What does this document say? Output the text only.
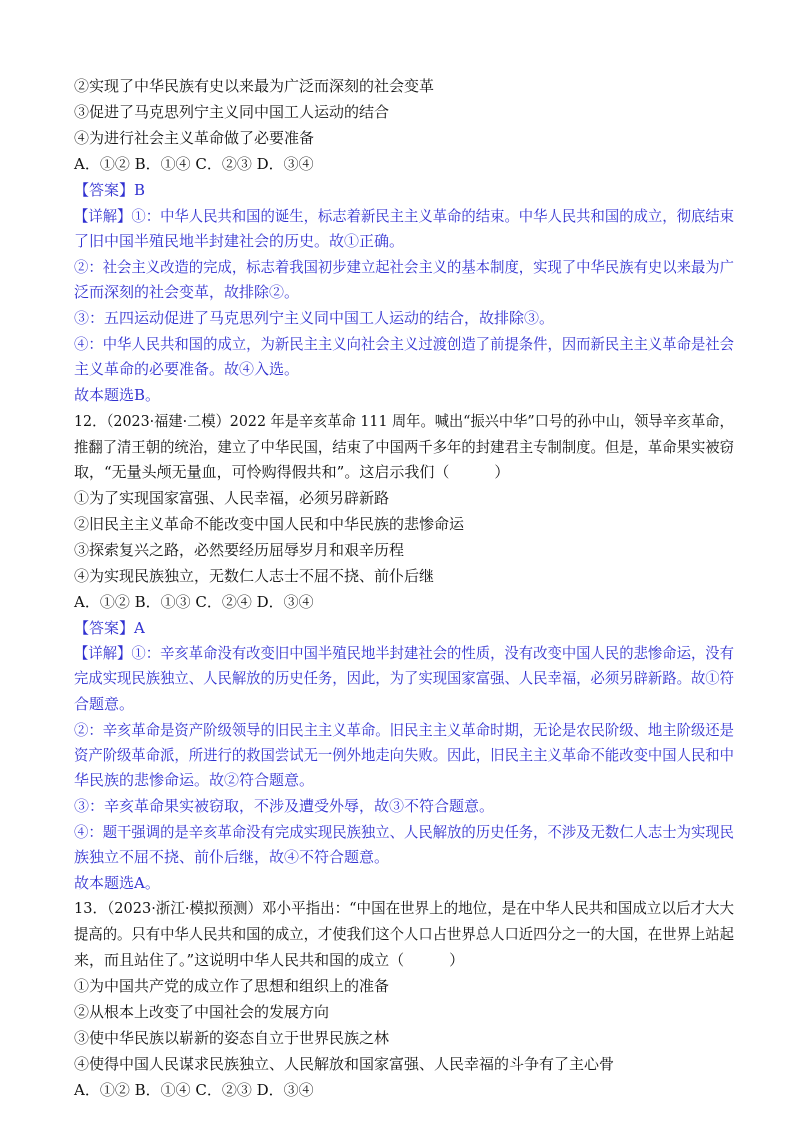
②实现了中华民族有史以来最为广泛而深刻的社会变革
③促进了马克思列宁主义同中国工人运动的结合
④为进行社会主义革命做了必要准备
A．①② B．①④ C．②③ D．③④
【答案】B
【详解】①：中华人民共和国的诞生，标志着新民主主义革命的结束。中华人民共和国的成立，彻底结束
了旧中国半殖民地半封建社会的历史。故①正确。
②：社会主义改造的完成，标志着我国初步建立起社会主义的基本制度，实现了中华民族有史以来最为广
泛而深刻的社会变革，故排除②。
③：五四运动促进了马克思列宁主义同中国工人运动的结合，故排除③。
④：中华人民共和国的成立，为新民主主义向社会主义过渡创造了前提条件，因而新民主主义革命是社会
主义革命的必要准备。故④入选。
故本题选B。
12．（2023·福建·二模）2022 年是辛亥革命 111 周年。喊出“振兴中华”口号的孙中山，领导辛亥革命，
推翻了清王朝的统治，建立了中华民国，结束了中国两千多年的封建君主专制制度。但是，革命果实被窃
取，“无量头颅无量血，可怜购得假共和”。这启示我们（　　　）
①为了实现国家富强、人民幸福，必须另辟新路
②旧民主主义革命不能改变中国人民和中华民族的悲惨命运
③探索复兴之路，必然要经历屈辱岁月和艰辛历程
④为实现民族独立，无数仁人志士不屈不挠、前仆后继
A．①② B．①③ C．②④ D．③④
【答案】A
【详解】①：辛亥革命没有改变旧中国半殖民地半封建社会的性质，没有改变中国人民的悲惨命运，没有
完成实现民族独立、人民解放的历史任务，因此，为了实现国家富强、人民幸福，必须另辟新路。故①符
合题意。
②：辛亥革命是资产阶级领导的旧民主主义革命。旧民主主义革命时期，无论是农民阶级、地主阶级还是
资产阶级革命派，所进行的救国尝试无一例外地走向失败。因此，旧民主主义革命不能改变中国人民和中
华民族的悲惨命运。故②符合题意。
③：辛亥革命果实被窃取，不涉及遭受外辱，故③不符合题意。
④：题干强调的是辛亥革命没有完成实现民族独立、人民解放的历史任务，不涉及无数仁人志士为实现民
族独立不屈不挠、前仆后继，故④不符合题意。
故本题选A。
13．（2023·浙江·模拟预测）邓小平指出：“中国在世界上的地位，是在中华人民共和国成立以后才大大
提高的。只有中华人民共和国的成立，才使我们这个人口占世界总人口近四分之一的大国，在世界上站起
来，而且站住了。”这说明中华人民共和国的成立（　　　）
①为中国共产党的成立作了思想和组织上的准备
②从根本上改变了中国社会的发展方向
③使中华民族以崭新的姿态自立于世界民族之林
④使得中国人民谋求民族独立、人民解放和国家富强、人民幸福的斗争有了主心骨
A．①② B．①④ C．②③ D．③④
